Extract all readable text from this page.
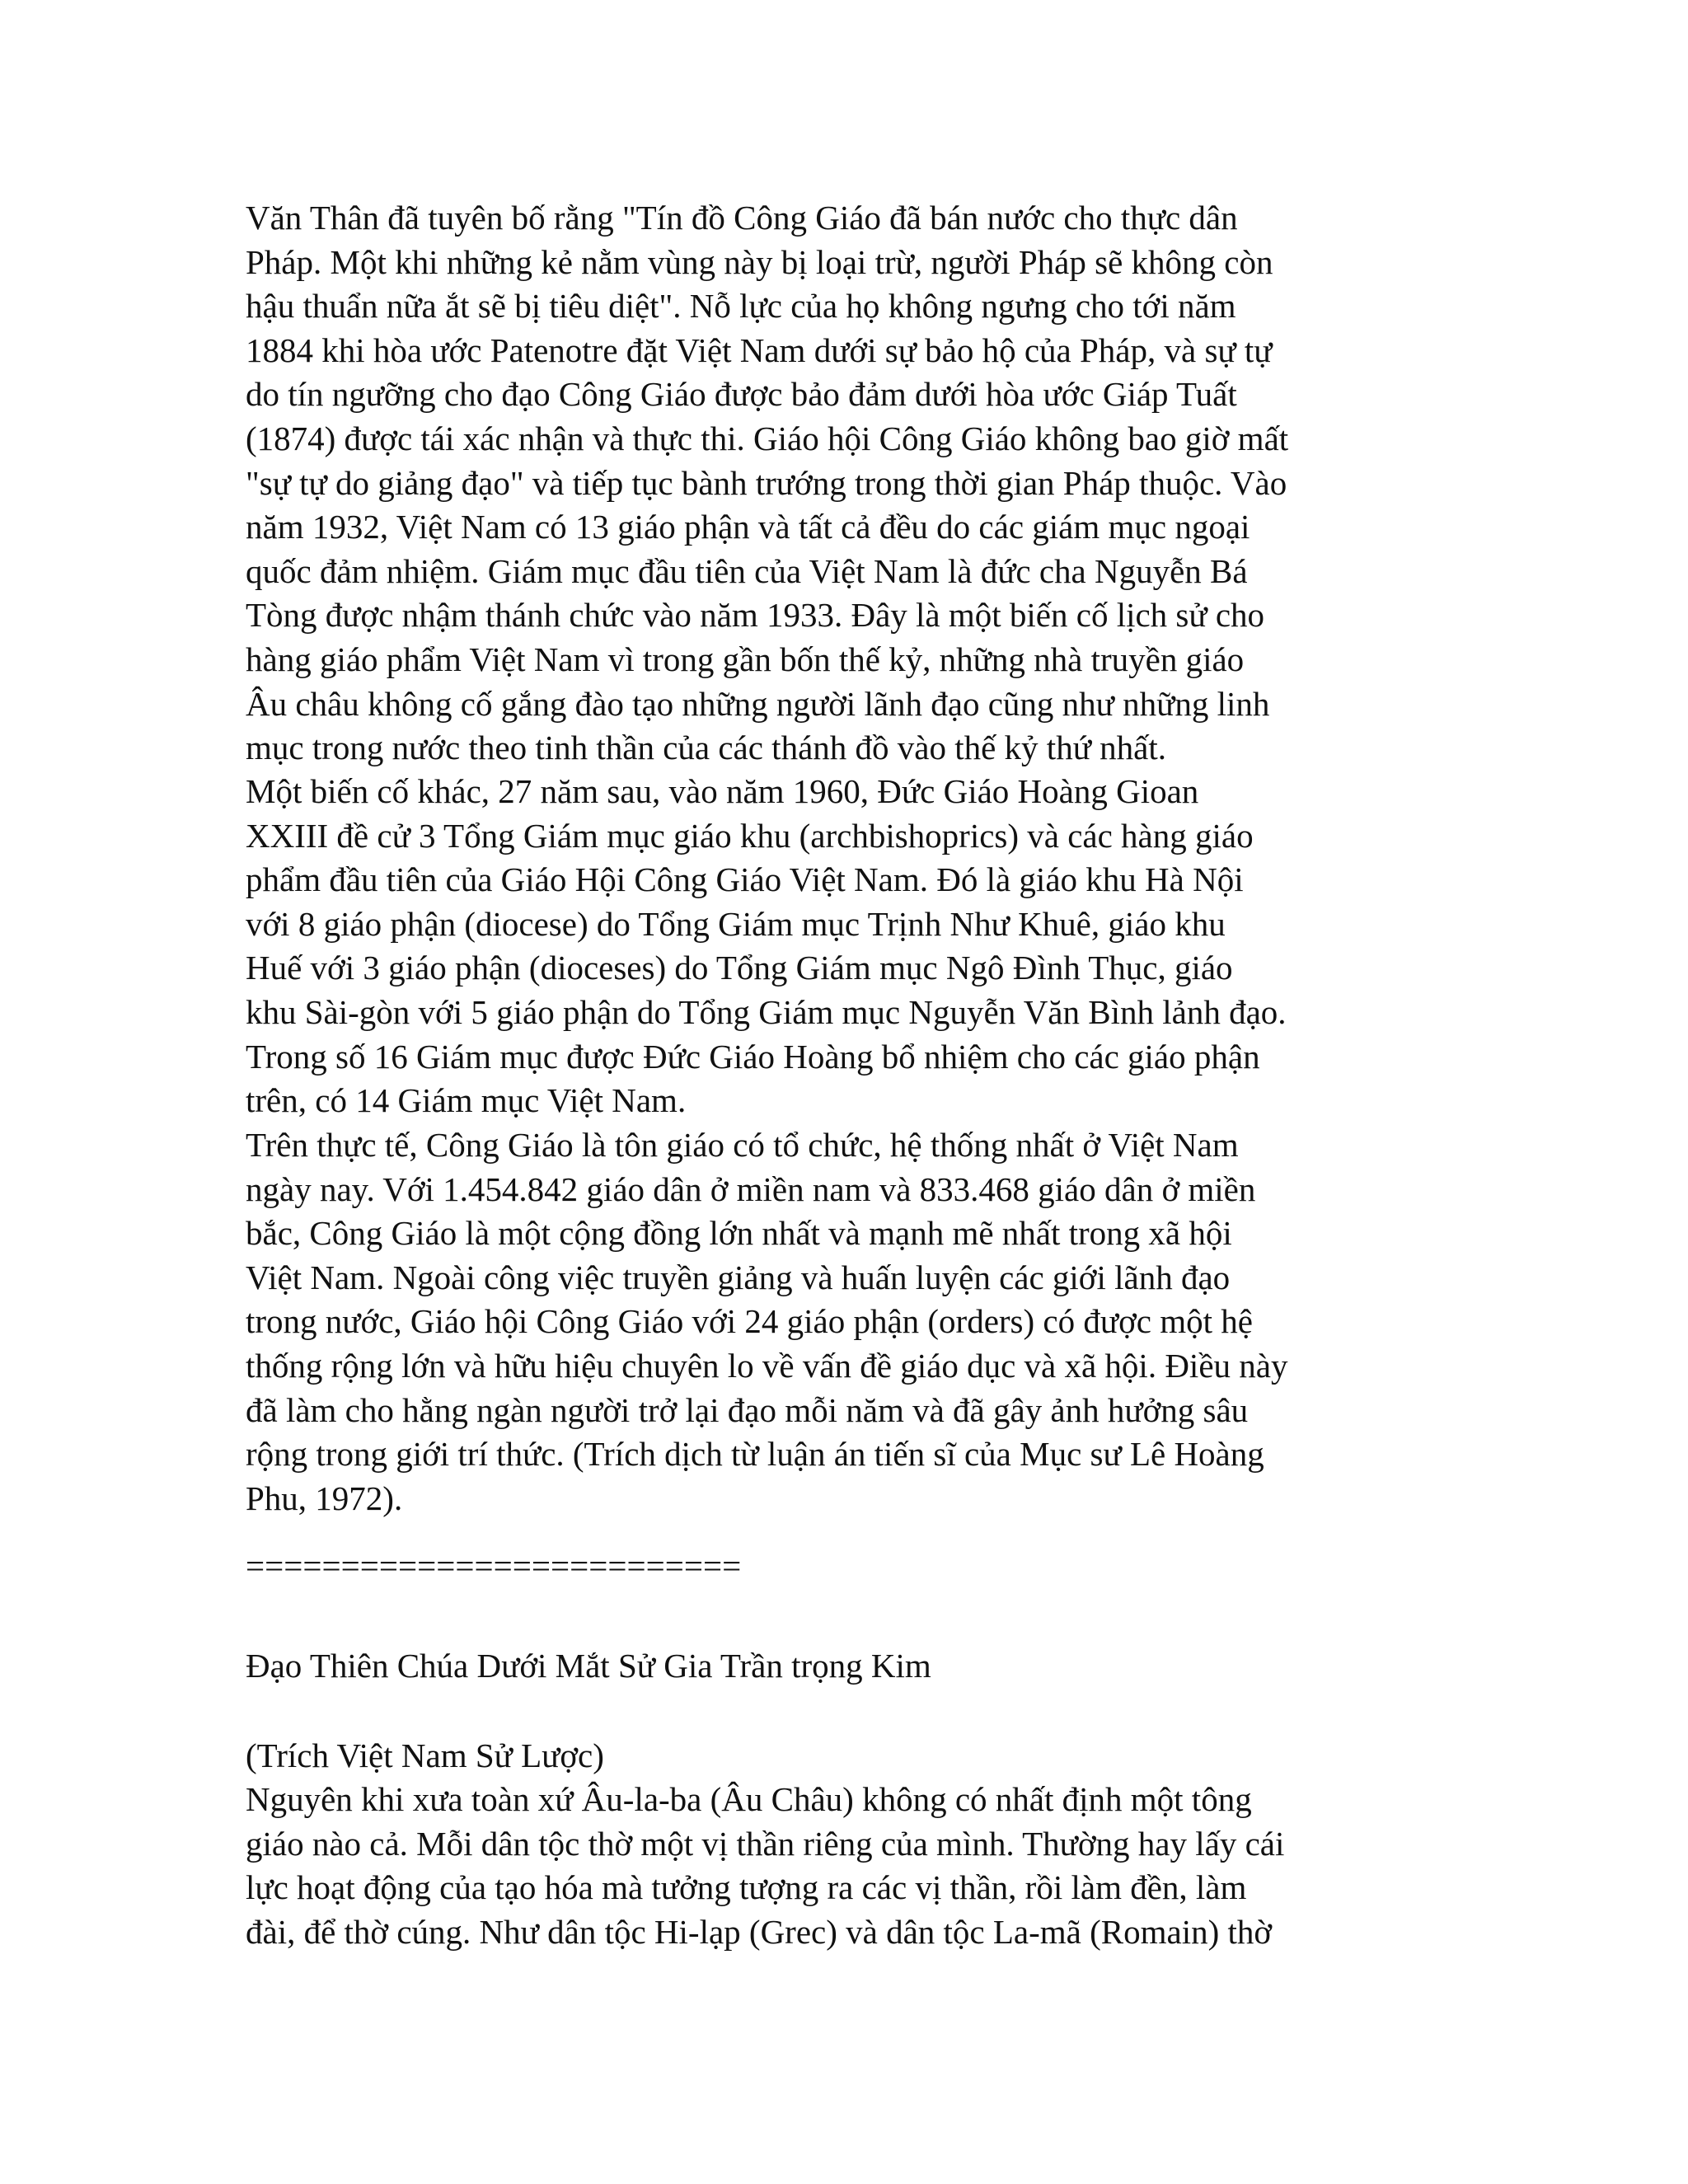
Văn Thân đã tuyên bố rằng "Tín đồ Công Giáo đã bán nước cho thực dân
Pháp. Một khi những kẻ nằm vùng này bị loại trừ, người Pháp sẽ không còn
hậu thuẩn nữa ắt sẽ bị tiêu diệt". Nỗ lực của họ không ngưng cho tới năm
1884 khi hòa ước Patenotre đặt Việt Nam dưới sự bảo hộ của Pháp, và sự tự
do tín ngưỡng cho đạo Công Giáo được bảo đảm dưới hòa ước Giáp Tuất
(1874) được tái xác nhận và thực thi. Giáo hội Công Giáo không bao giờ mất
"sự tự do giảng đạo" và tiếp tục bành trướng trong thời gian Pháp thuộc. Vào
năm 1932, Việt Nam có 13 giáo phận và tất cả đều do các giám mục ngoại
quốc đảm nhiệm. Giám mục đầu tiên của Việt Nam là đức cha Nguyễn Bá
Tòng được nhậm thánh chức vào năm 1933. Đây là một biến cố lịch sử cho
hàng giáo phẩm Việt Nam vì trong gần bốn thế kỷ, những nhà truyền giáo
Âu châu không cố gắng đào tạo những người lãnh đạo cũng như những linh
mục trong nước theo tinh thần của các thánh đồ vào thế kỷ thứ nhất.
Một biến cố khác, 27 năm sau, vào năm 1960, Đức Giáo Hoàng Gioan
XXIII đề cử 3 Tổng Giám mục giáo khu (archbishoprics) và các hàng giáo
phẩm đầu tiên của Giáo Hội Công Giáo Việt Nam. Đó là giáo khu Hà Nội
với 8 giáo phận (diocese) do Tổng Giám mục Trịnh Như Khuê, giáo khu
Huế với 3 giáo phận (dioceses) do Tổng Giám mục Ngô Đình Thục, giáo
khu Sài-gòn với 5 giáo phận do Tổng Giám mục Nguyễn Văn Bình lảnh đạo.
Trong số 16 Giám mục được Đức Giáo Hoàng bổ nhiệm cho các giáo phận
trên, có 14 Giám mục Việt Nam.
Trên thực tế, Công Giáo là tôn giáo có tổ chức, hệ thống nhất ở Việt Nam
ngày nay. Với 1.454.842 giáo dân ở miền nam và 833.468 giáo dân ở miền
bắc, Công Giáo là một cộng đồng lớn nhất và mạnh mẽ nhất trong xã hội
Việt Nam. Ngoài công việc truyền giảng và huấn luyện các giới lãnh đạo
trong nước, Giáo hội Công Giáo với 24 giáo phận (orders) có được một hệ
thống rộng lớn và hữu hiệu chuyên lo về vấn đề giáo dục và xã hội. Điều này
đã làm cho hằng ngàn người trở lại đạo mỗi năm và đã gây ảnh hưởng sâu
rộng trong giới trí thức. (Trích dịch từ luận án tiến sĩ của Mục sư Lê Hoàng
Phu, 1972).
==========================
Đạo Thiên Chúa Dưới Mắt Sử Gia Trần trọng Kim
(Trích Việt Nam Sử Lược)
Nguyên khi xưa toàn xứ Âu-la-ba (Âu Châu) không có nhất định một tông
giáo nào cả. Mỗi dân tộc thờ một vị thần riêng của mình. Thường hay lấy cái
lực hoạt động của tạo hóa mà tưởng tượng ra các vị thần, rồi làm đền, làm
đài, để thờ cúng. Như dân tộc Hi-lạp (Grec) và dân tộc La-mã (Romain) thờ
